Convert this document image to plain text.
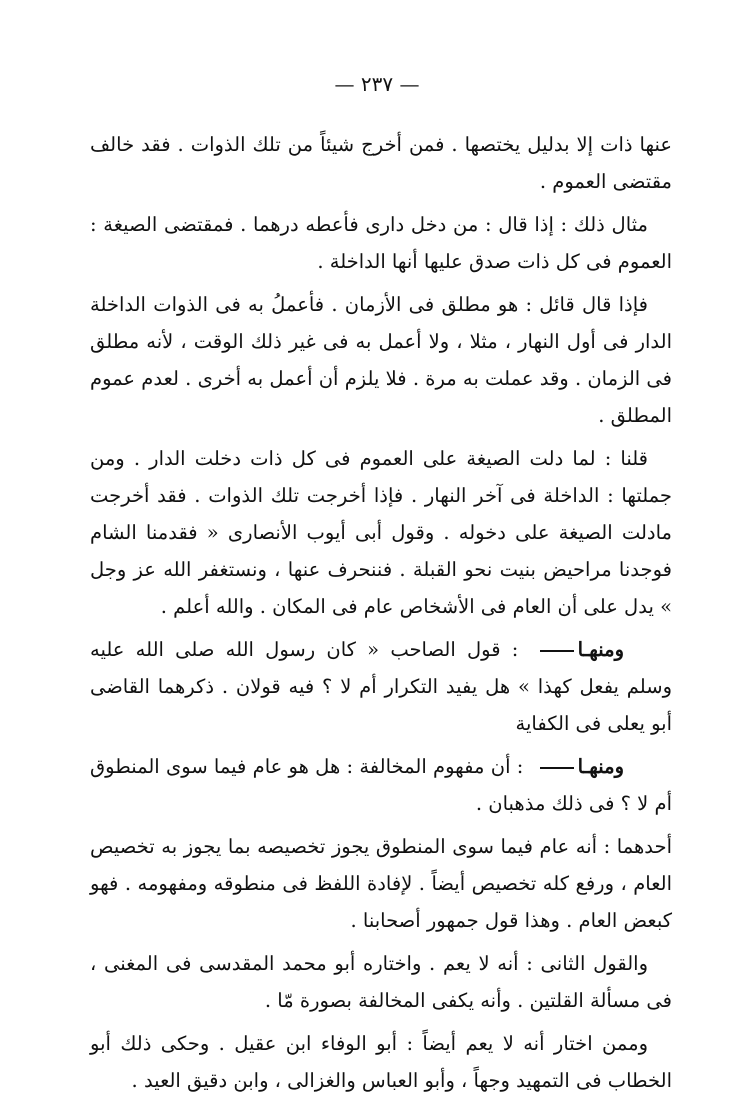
— ٢٣٧ —

عنها ذات إلا بدليل يختصها . فمن أخرج شيئاً من تلك الذوات . فقد خالف مقتضى العموم .

مثال ذلك : إذا قال : من دخل دارى فأعطه درهما . فمقتضى الصيغة : العموم فى كل ذات صدق عليها أنها الداخلة .

فإذا قال قائل : هو مطلق فى الأزمان . فأعملُ به فى الذوات الداخلة الدار فى أول النهار ، مثلا ، ولا أعمل به فى غير ذلك الوقت ، لأنه مطلق فى الزمان . وقد عملت به مرة . فلا يلزم أن أعمل به أخرى . لعدم عموم المطلق .

قلنا : لما دلت الصيغة على العموم فى كل ذات دخلت الدار . ومن جملتها : الداخلة فى آخر النهار . فإذا أخرجت تلك الذوات . فقد أخرجت مادلت الصيغة على دخوله . وقول أبى أيوب الأنصارى « فقدمنا الشام فوجدنا مراحيض بنيت نحو القبلة . فننحرف عنها ، ونستغفر الله عز وجل » يدل على أن العام فى الأشخاص عام فى المكان . والله أعلم .

ومنهـا : قول الصاحب « كان رسول الله صلى الله عليه وسلم يفعل كهذا » هل يفيد التكرار أم لا ؟ فيه قولان . ذكرهما القاضى أبو يعلى فى الكفاية

ومنهـا : أن مفهوم المخالفة : هل هو عام فيما سوى المنطوق أم لا ؟ فى ذلك مذهبان .

أحدهما : أنه عام فيما سوى المنطوق يجوز تخصيصه بما يجوز به تخصيص العام ، ورفع كله تخصيص أيضاً . لإفادة اللفظ فى منطوقه ومفهومه . فهو كبعض العام . وهذا قول جمهور أصحابنا .

والقول الثانى : أنه لا يعم . واختاره أبو محمد المقدسى فى المغنى ، فى مسألة القلتين . وأنه يكفى المخالفة بصورة مّا .

وممن اختار أنه لا يعم أيضاً : أبو الوفاء ابن عقيل . وحكى ذلك أبو الخطاب فى التمهيد وجهاً ، وأبو العباس والغزالى ، وابن دقيق العيد .
